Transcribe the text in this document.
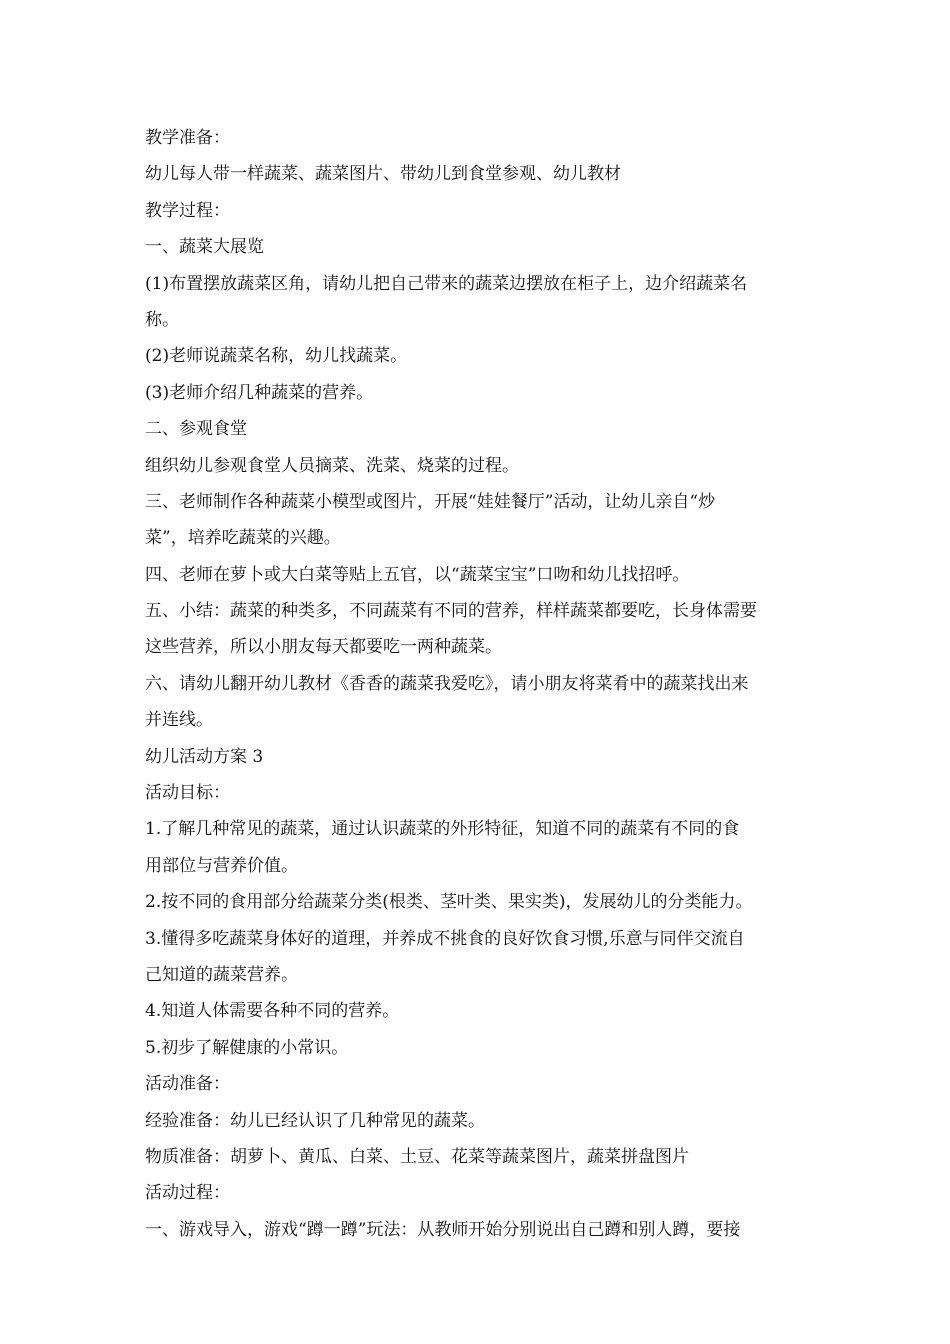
教学准备：
幼儿每人带一样蔬菜、蔬菜图片、带幼儿到食堂参观、幼儿教材
教学过程：
一、蔬菜大展览
(1)布置摆放蔬菜区角，请幼儿把自己带来的蔬菜边摆放在柜子上，边介绍蔬菜名
称。
(2)老师说蔬菜名称，幼儿找蔬菜。
(3)老师介绍几种蔬菜的营养。
二、参观食堂
组织幼儿参观食堂人员摘菜、洗菜、烧菜的过程。
三、老师制作各种蔬菜小模型或图片，开展“娃娃餐厅”活动，让幼儿亲自“炒
菜”，培养吃蔬菜的兴趣。
四、老师在萝卜或大白菜等贴上五官，以“蔬菜宝宝”口吻和幼儿找招呼。
五、小结：蔬菜的种类多，不同蔬菜有不同的营养，样样蔬菜都要吃，长身体需要
这些营养，所以小朋友每天都要吃一两种蔬菜。
六、请幼儿翻开幼儿教材《香香的蔬菜我爱吃》，请小朋友将菜肴中的蔬菜找出来
并连线。
幼儿活动方案 3
活动目标：
1.了解几种常见的蔬菜，通过认识蔬菜的外形特征，知道不同的蔬菜有不同的食
用部位与营养价值。
2.按不同的食用部分给蔬菜分类(根类、茎叶类、果实类)，发展幼儿的分类能力。
3.懂得多吃蔬菜身体好的道理，并养成不挑食的良好饮食习惯,乐意与同伴交流自
己知道的蔬菜营养。
4.知道人体需要各种不同的营养。
5.初步了解健康的小常识。
活动准备：
经验准备：幼儿已经认识了几种常见的蔬菜。
物质准备：胡萝卜、黄瓜、白菜、土豆、花菜等蔬菜图片，蔬菜拼盘图片
活动过程：
一、游戏导入，游戏“蹲一蹲”玩法：从教师开始分别说出自己蹲和别人蹲，要接
